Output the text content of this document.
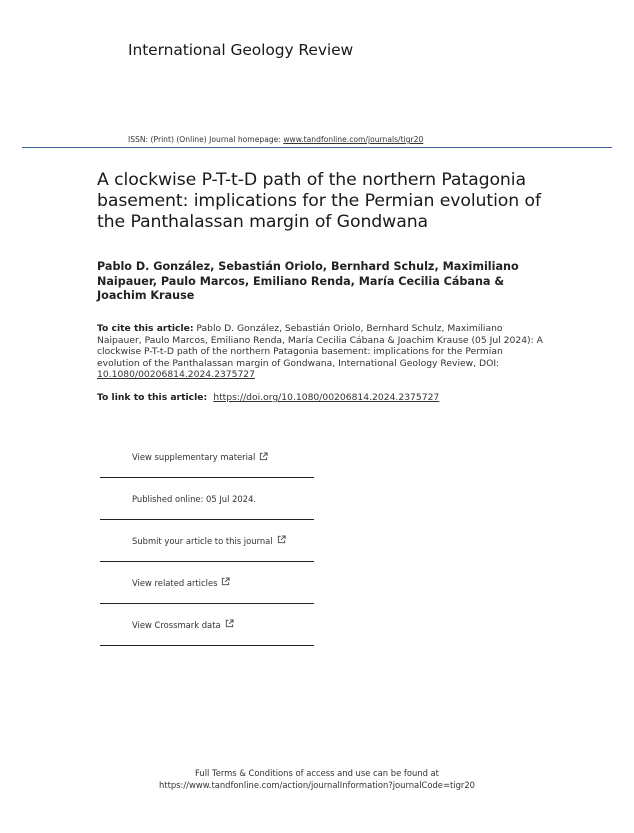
International Geology Review
ISSN: (Print) (Online) Journal homepage: www.tandfonline.com/journals/tigr20
A clockwise P-T-t-D path of the northern Patagonia basement: implications for the Permian evolution of the Panthalassan margin of Gondwana
Pablo D. González, Sebastián Oriolo, Bernhard Schulz, Maximiliano Naipauer, Paulo Marcos, Emiliano Renda, María Cecilia Cábana & Joachim Krause
To cite this article: Pablo D. González, Sebastián Oriolo, Bernhard Schulz, Maximiliano Naipauer, Paulo Marcos, Emiliano Renda, María Cecilia Cábana & Joachim Krause (05 Jul 2024): A clockwise P-T-t-D path of the northern Patagonia basement: implications for the Permian evolution of the Panthalassan margin of Gondwana, International Geology Review, DOI: 10.1080/00206814.2024.2375727
To link to this article:  https://doi.org/10.1080/00206814.2024.2375727
View supplementary material
Published online: 05 Jul 2024.
Submit your article to this journal
View related articles
View Crossmark data
Full Terms & Conditions of access and use can be found at
https://www.tandfonline.com/action/journalInformation?journalCode=tigr20
